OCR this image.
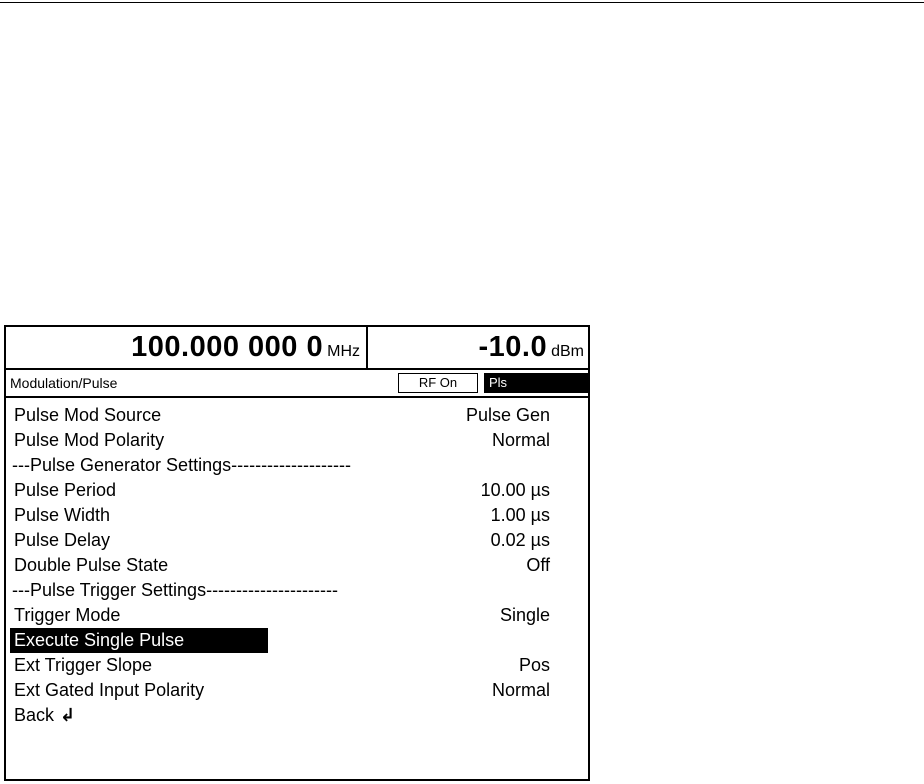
100.000 000 0 MHz	-10.0 dBm
Modulation/Pulse	RF On	Pls
Pulse Mod Source	Pulse Gen
Pulse Mod Polarity	Normal
---Pulse Generator Settings--------------------
Pulse Period	10.00 µs
Pulse Width	1.00 µs
Pulse Delay	0.02 µs
Double Pulse State	Off
---Pulse Trigger Settings----------------------
Trigger Mode	Single
Execute Single Pulse
Ext Trigger Slope	Pos
Ext Gated Input Polarity	Normal
Back ↲
